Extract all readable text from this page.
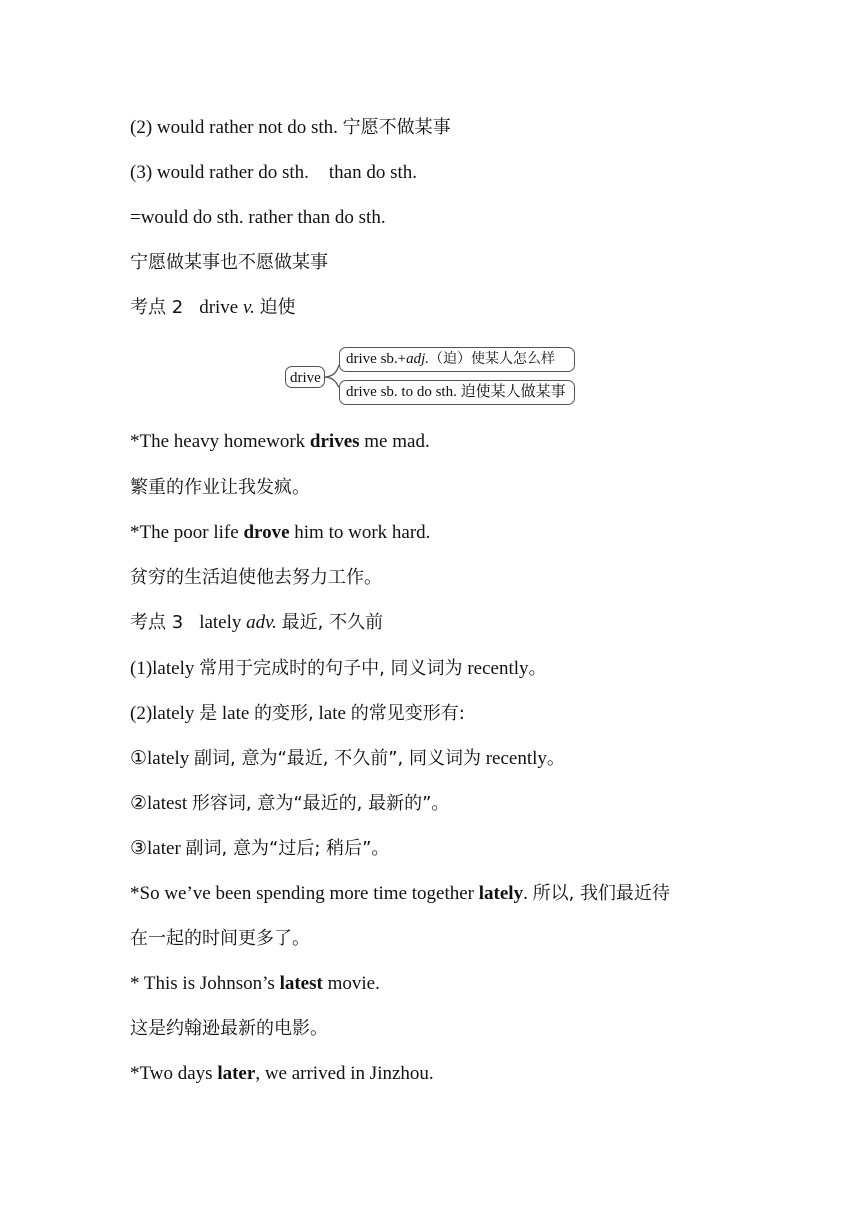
(2) would rather not do sth. 宁愿不做某事
(3) would rather do sth. than do sth.
=would do sth. rather than do sth.
宁愿做某事也不愿做某事
考点 2 drive v. 迫使
drive
drive sb.+adj.（迫）使某人怎么样
drive sb. to do sth. 迫使某人做某事
*The heavy homework drives me mad.
繁重的作业让我发疯。
*The poor life drove him to work hard.
贫穷的生活迫使他去努力工作。
考点 3 lately adv. 最近, 不久前
(1)lately 常用于完成时的句子中, 同义词为 recently。
(2)lately 是 late 的变形, late 的常见变形有:
①lately 副词, 意为“最近, 不久前”, 同义词为 recently。
②latest 形容词, 意为“最近的, 最新的”。
③later 副词, 意为“过后; 稍后”。
*So we’ve been spending more time together lately. 所以, 我们最近待
在一起的时间更多了。
* This is Johnson’s latest movie.
这是约翰逊最新的电影。
*Two days later, we arrived in Jinzhou.
